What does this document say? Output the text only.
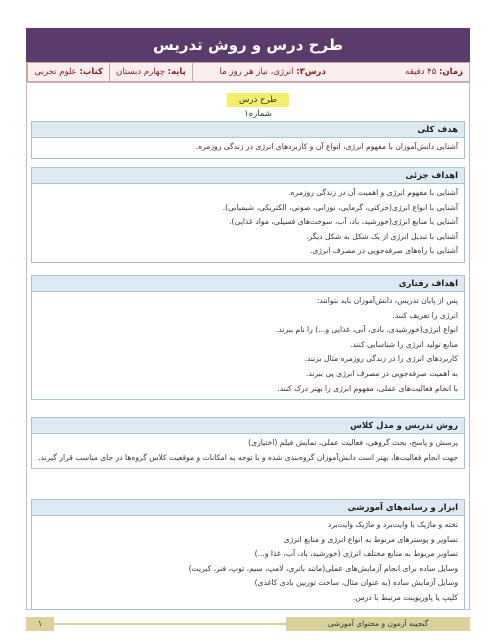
طرح درس و روش تدریس
کتاب: علوم تجربی	پایه: چهارم دبستان	درس۳: انرژی، نیاز هر روز ما	زمان: ۴۵ دقیقه
طرح درس شماره۱
هدف کلی
آشنایی دانش‌آموزان با مفهوم انرژی، انواع آن و کاربردهای انرژی در زندگی روزمره.
اهداف جزئی
آشنایی با مفهوم انرژی و اهمیت آن در زندگی روزمره.
آشنایی با انواع انرژی(حرکتی، گرمایی، نورانی، صوتی، الکتریکی، شیمیایی).
آشنایی با منابع انرژی(خورشید، باد، آب، سوخت‌های فسیلی، مواد غذایی).
آشنایی با تبدیل انرژی از یک شکل به شکل دیگر.
آشنایی با راه‌های صرفه‌جویی در مصرف انرژی.
اهداف رفتاری
پس از پایان تدریس، دانش‌آموزان باید بتوانند:
انرژی را تعریف کنند.
انواع انرژی(خورشیدی، بادی، آبی، غذایی و...) را نام ببرند.
منابع تولید انرژی را شناسایی کنند.
کاربردهای انرژی را در زندگی روزمره مثال بزنند.
به اهمیت صرفه‌جویی در مصرف انرژی پی ببرند.
با انجام فعالیت‌های عملی، مفهوم انرژی را بهتر درک کنند.
روش تدریس و مدل کلاس
پرسش و پاسخ، بحث گروهی، فعالیت عملی، نمایش فیلم (اختیاری)
جهت انجام فعالیت‌ها، بهتر است دانش‌آموزان گروه‌بندی شده و با توجه به امکانات و موقعیت کلاس گروه‌ها در جای مناسب قرار گیرند.
ابزار و رسانه‌های آموزشی
تخته و ماژیک یا وایت‌برد و ماژیک وایت‌برد
تصاویر و پوسترهای مربوط به انواع انرژی و منابع انرژی
تصاویر مربوط به منابع مختلف انرژی (خورشید، باد، آب، غذا و...)
وسایل ساده برای انجام آزمایش‌های عملی(مانند باتری، لامپ، سیم، توپ، فنر، کبریت)
وسایل آزمایش ساده (به عنوان مثال، ساخت توربین بادی کاغذی)
کلیپ یا پاورپوینت مرتبط با درس.
۱	گنجینه آزمون و محتوای آموزشی
